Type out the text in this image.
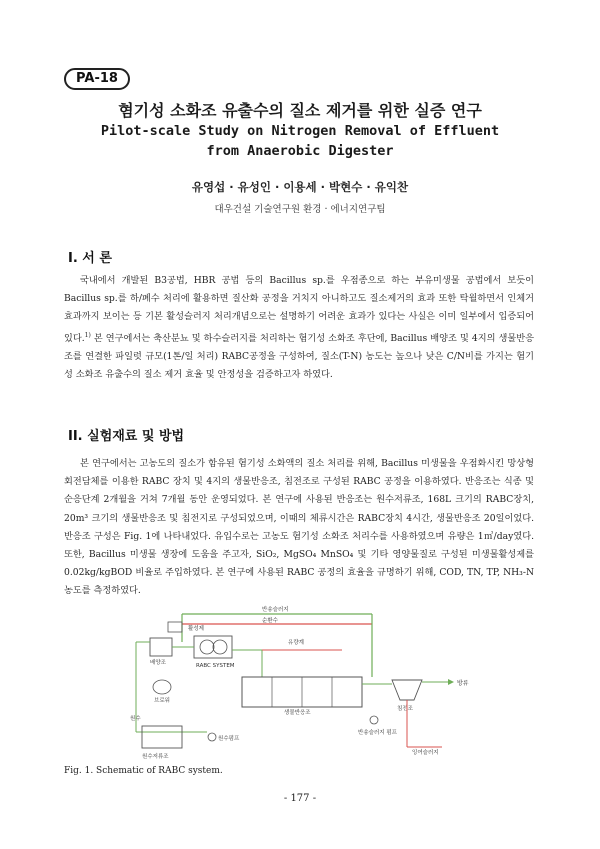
PA-18
혐기성 소화조 유출수의 질소 제거를 위한 실증 연구
Pilot-scale Study on Nitrogen Removal of Effluent
from Anaerobic Digester
유영섭 · 유성인 · 이용세 · 박현수 · 유익찬
대우건설 기술연구원 환경 · 에너지연구팀
I. 서 론

국내에서 개발된 B3공법, HBR 공법 등의 Bacillus sp.를 우점종으로 하는 부유미생물 공법에서 보듯이 Bacillus sp.를 하/폐수 처리에 활용하면 질산화 공정을 거치지 아니하고도 질소제거의 효과 또한 탁월하면서 인체거 효과까지 보이는 등 기본 활성슬러지 처리개념으로는 설명하기 어려운 효과가 있다는 사실은 이미 일부에서 입증되어 있다.$^{1)}$ 본 연구에서는 축산분뇨 및 하수슬러지를 처리하는 혐기성 소화조 후단에, Bacillus 배양조 및 4지의 생물반응조를 연결한 파일럿 규모(1톤/일 처리) RABC공정을 구성하여, 질소(T-N) 농도는 높으나 낮은 C/N비를 가지는 혐기성 소화조 유출수의 질소 제거 효율 및 안정성을 검증하고자 하였다.

II. 실험재료 및 방법

본 연구에서는 고농도의 질소가 함유된 혐기성 소화액의 질소 처리를 위해, Bacillus 미생물을 우점화시킨 망상형 회전담체를 이용한 RABC 장치 및 4지의 생물반응조, 침전조로 구성된 RABC 공정을 이용하였다. 반응조는 식종 및 순응단계 2개월을 거쳐 7개월 동안 운영되었다. 본 연구에 사용된 반응조는 원수저류조, 168L 크기의 RABC장치, 20m³ 크기의 생물반응조 및 침전지로 구성되었으며, 이때의 체류시간은 RABC장치 4시간, 생물반응조 20일이었다. 반응조 구성은 Fig. 1에 나타내었다. 유입수로는 고농도 혐기성 소화조 처리수를 사용하였으며 유량은 1㎥/day였다. 또한, Bacillus 미생물 생장에 도움을 주고자, SiO₂, MgSO₄ MnSO₄ 및 기타 영양물질로 구성된 미생물활성제를 0.02kg/kgBOD 비율로 주입하였다. 본 연구에 사용된 RABC 공정의 효율을 규명하기 위해, COD, TN, TP, NH₃-N 농도를 측정하였다.

반송슬러지
순환수
활성제
배양조	RABC SYSTEM
유량계
브로워
생물반응조
침전조
방류
반송슬러지 펌프
잉여슬러지
원수
원수저류조
원수펌프
Fig. 1. Schematic of RABC system.
- 177 -
